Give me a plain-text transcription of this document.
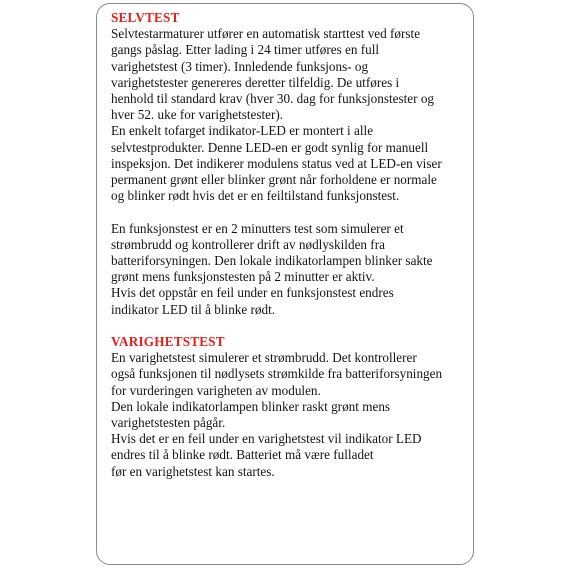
SELVTEST
Selvtestarmaturer utfører en automatisk starttest ved første
gangs påslag. Etter lading i 24 timer utføres en full
varighetstest (3 timer). Innledende funksjons- og
varighetstester genereres deretter tilfeldig. De utføres i
henhold til standard krav (hver 30. dag for funksjonstester og
hver 52. uke for varighetstester).
En enkelt tofarget indikator-LED er montert i alle
selvtestprodukter. Denne LED-en er godt synlig for manuell
inspeksjon. Det indikerer modulens status ved at LED-en viser
permanent grønt eller blinker grønt når forholdene er normale
og blinker rødt hvis det er en feiltilstand funksjonstest.
En funksjonstest er en 2 minutters test som simulerer et
strømbrudd og kontrollerer drift av nødlyskilden fra
batteriforsyningen. Den lokale indikatorlampen blinker sakte
grønt mens funksjonstesten på 2 minutter er aktiv.
Hvis det oppstår en feil under en funksjonstest endres
indikator LED til å blinke rødt.
VARIGHETSTEST
En varighetstest simulerer et strømbrudd. Det kontrollerer
også funksjonen til nødlysets strømkilde fra batteriforsyningen
for vurderingen varigheten av modulen.
Den lokale indikatorlampen blinker raskt grønt mens
varighetstesten pågår.
Hvis det er en feil under en varighetstest vil indikator LED
endres til å blinke rødt. Batteriet må være fulladet
før en varighetstest kan startes.
